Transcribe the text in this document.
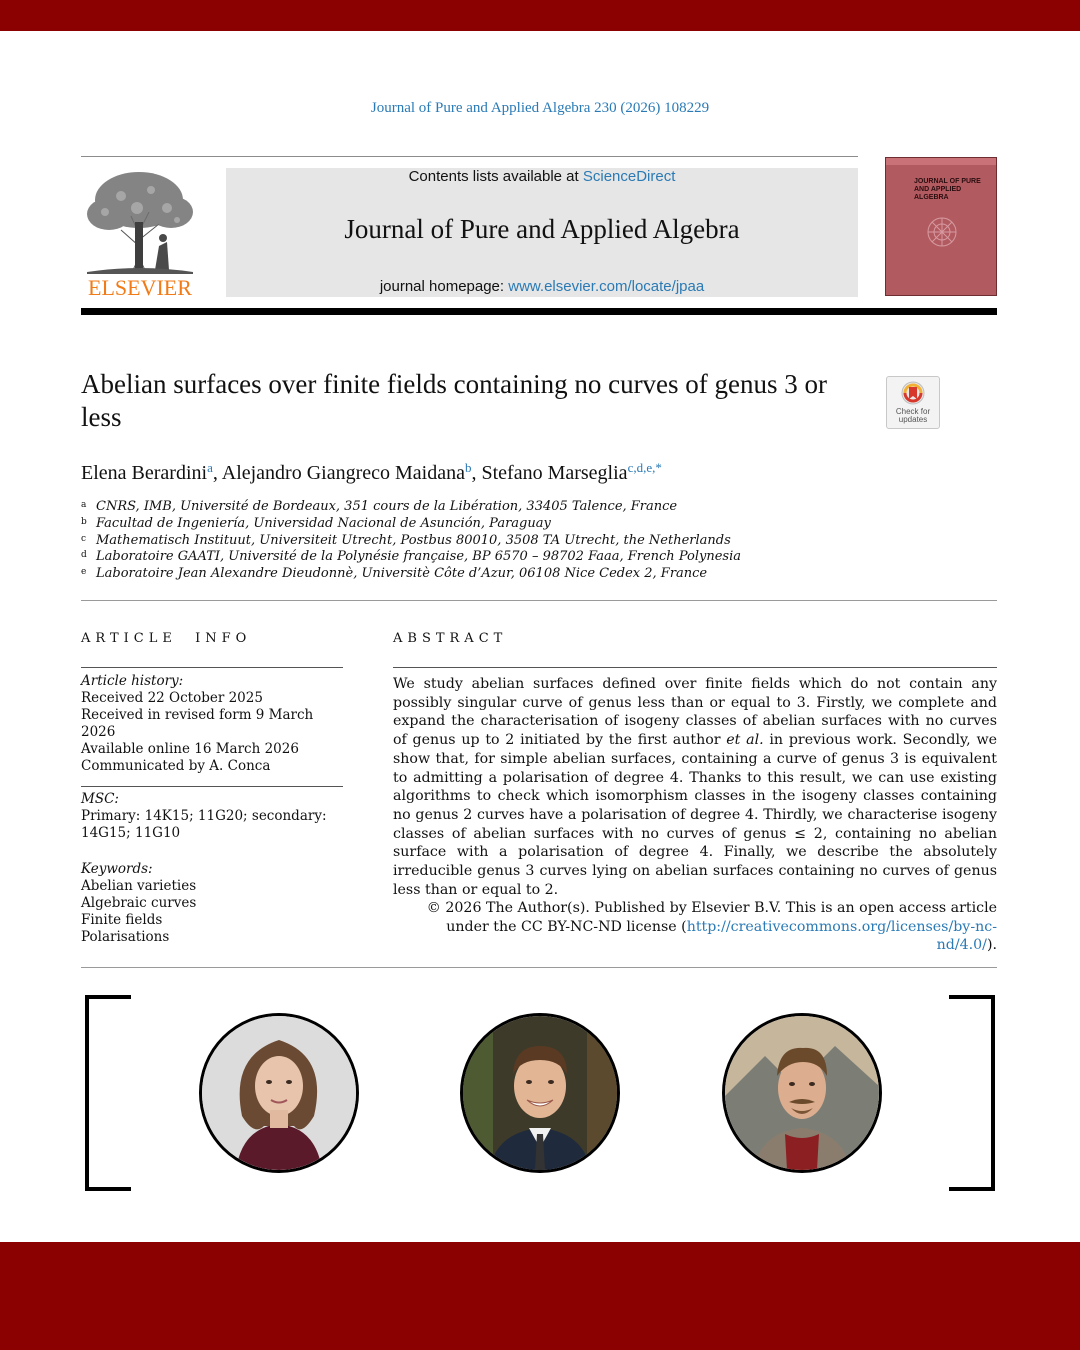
Journal of Pure and Applied Algebra 230 (2026) 108229
ELSEVIER
Contents lists available at ScienceDirect
Journal of Pure and Applied Algebra
journal homepage: www.elsevier.com/locate/jpaa
JOURNAL OF PURE AND APPLIED ALGEBRA
Abelian surfaces over finite fields containing no curves of genus 3 or less	Check for updates
Elena Berardini$^a$, Alejandro Giangreco Maidana$^b$, Stefano Marseglia$^{c,d,e,*}$
a CNRS, IMB, Université de Bordeaux, 351 cours de la Libération, 33405 Talence, France
b Facultad de Ingeniería, Universidad Nacional de Asunción, Paraguay
c Mathematisch Instituut, Universiteit Utrecht, Postbus 80010, 3508 TA Utrecht, the Netherlands
d Laboratoire GAATI, Université de la Polynésie française, BP 6570 – 98702 Faaa, French Polynesia
e Laboratoire Jean Alexandre Dieudonnè, Universitè Côte d’Azur, 06108 Nice Cedex 2, France
ARTICLE  INFO	ABSTRACT
Article history:
Received 22 October 2025
Received in revised form 9 March 2026
Available online 16 March 2026
Communicated by A. Conca
MSC:
Primary: 14K15; 11G20; secondary: 14G15; 11G10
Keywords:
Abelian varieties
Algebraic curves
Finite fields
Polarisations
We study abelian surfaces defined over finite fields which do not contain any possibly singular curve of genus less than or equal to 3. Firstly, we complete and expand the characterisation of isogeny classes of abelian surfaces with no curves of genus up to 2 initiated by the first author et al. in previous work. Secondly, we show that, for simple abelian surfaces, containing a curve of genus 3 is equivalent to admitting a polarisation of degree 4. Thanks to this result, we can use existing algorithms to check which isomorphism classes in the isogeny classes containing no genus 2 curves have a polarisation of degree 4. Thirdly, we characterise isogeny classes of abelian surfaces with no curves of genus ≤ 2, containing no abelian surface with a polarisation of degree 4. Finally, we describe the absolutely irreducible genus 3 curves lying on abelian surfaces containing no curves of genus less than or equal to 2.
© 2026 The Author(s). Published by Elsevier B.V. This is an open access article under the CC BY-NC-ND license (http://creativecommons.org/licenses/by-nc-nd/4.0/).
